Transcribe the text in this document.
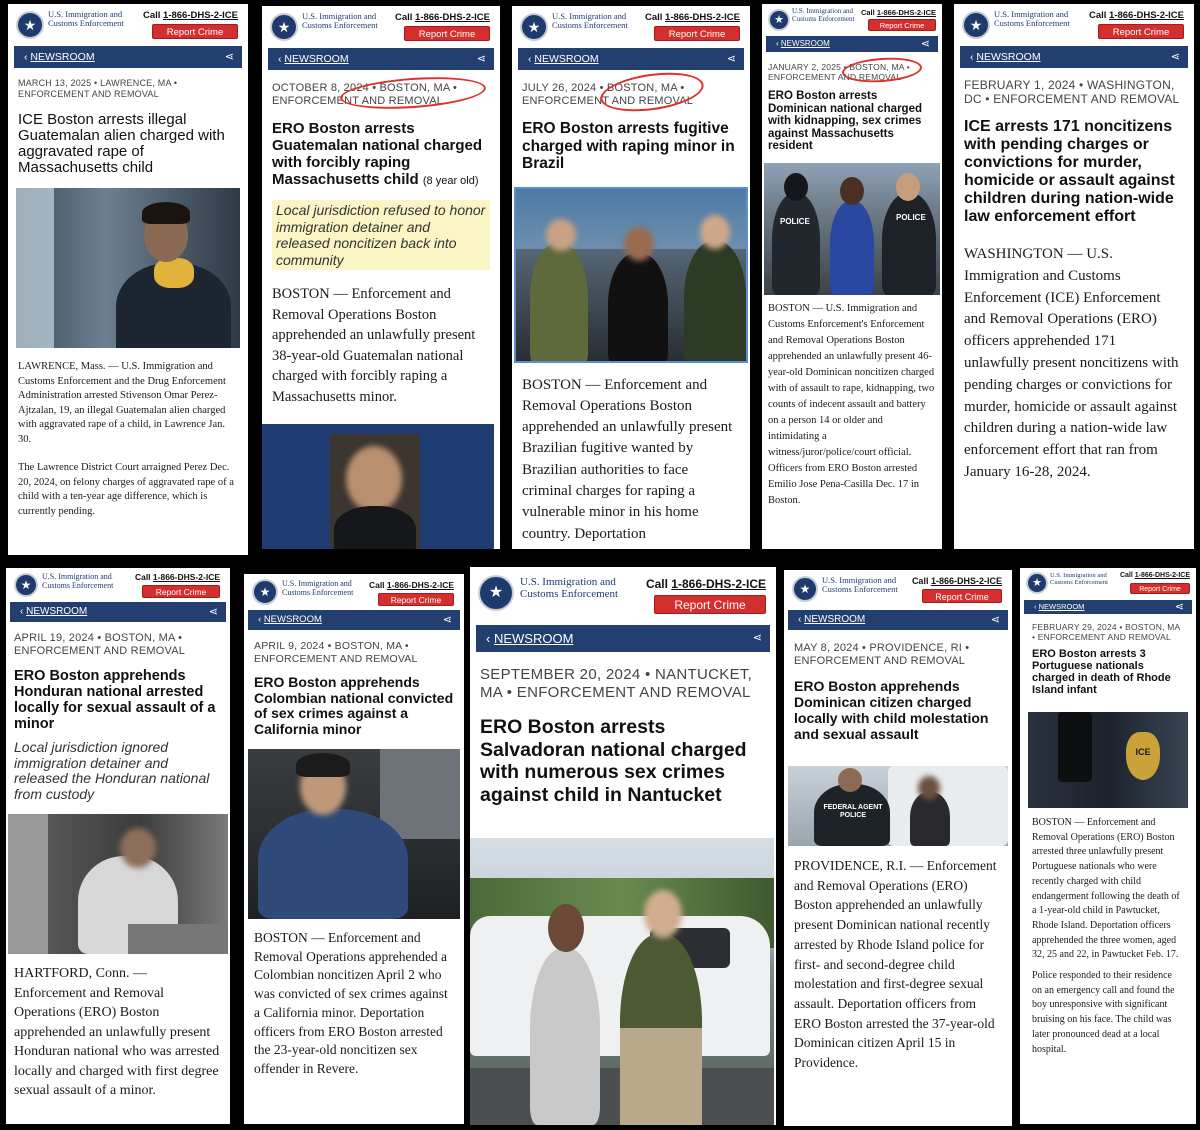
★
U.S. Immigration and Customs Enforcement
Call 1-866-DHS-2-ICE
Report Crime
‹ NEWSROOM	⋖
MARCH 13, 2025 • LAWRENCE, MA • ENFORCEMENT AND REMOVAL
ICE Boston arrests illegal Guatemalan alien charged with aggravated rape of Massachusetts child

LAWRENCE, Mass. — U.S. Immigration and Customs Enforcement and the Drug Enforcement Administration arrested Stivenson Omar Perez-Ajtzalan, 19, an illegal Guatemalan alien charged with aggravated rape of a child, in Lawrence Jan. 30.

The Lawrence District Court arraigned Perez Dec. 20, 2024, on felony charges of aggravated rape of a child with a ten-year age difference, which is currently pending.

★
U.S. Immigration and Customs Enforcement
Call 1-866-DHS-2-ICE
Report Crime
‹ NEWSROOM	⋖
OCTOBER 8, 2024 • BOSTON, MA • ENFORCEMENT AND REMOVAL
ERO Boston arrests Guatemalan national charged with forcibly raping Massachusetts child (8 year old)
Local jurisdiction refused to honor immigration detainer and released noncitizen back into community

BOSTON — Enforcement and Removal Operations Boston apprehended an unlawfully present 38-year-old Guatemalan national charged with forcibly raping a Massachusetts minor.

★
U.S. Immigration and Customs Enforcement
Call 1-866-DHS-2-ICE
Report Crime
‹ NEWSROOM	⋖
JULY 26, 2024 • BOSTON, MA • ENFORCEMENT AND REMOVAL
ERO Boston arrests fugitive charged with raping minor in Brazil

BOSTON — Enforcement and Removal Operations Boston apprehended an unlawfully present Brazilian fugitive wanted by Brazilian authorities to face criminal charges for raping a vulnerable minor in his home country. Deportation

★
U.S. Immigration and Customs Enforcement
Call 1-866-DHS-2-ICE
Report Crime
‹ NEWSROOM	⋖
JANUARY 2, 2025 • BOSTON, MA • ENFORCEMENT AND REMOVAL
ERO Boston arrests Dominican national charged with kidnapping, sex crimes against Massachusetts resident
POLICE	POLICE

BOSTON — U.S. Immigration and Customs Enforcement's Enforcement and Removal Operations Boston apprehended an unlawfully present 46-year-old Dominican noncitizen charged with of assault to rape, kidnapping, two counts of indecent assault and battery on a person 14 or older and intimidating a witness/juror/police/court official. Officers from ERO Boston arrested Emilio Jose Pena-Casilla Dec. 17 in Boston.

★
U.S. Immigration and Customs Enforcement
Call 1-866-DHS-2-ICE
Report Crime
‹ NEWSROOM	⋖
FEBRUARY 1, 2024 • WASHINGTON, DC • ENFORCEMENT AND REMOVAL
ICE arrests 171 noncitizens with pending charges or convictions for murder, homicide or assault against children during nation-wide law enforcement effort

WASHINGTON — U.S. Immigration and Customs Enforcement (ICE) Enforcement and Removal Operations (ERO) officers apprehended 171 unlawfully present noncitizens with pending charges or convictions for murder, homicide or assault against children during a nation-wide law enforcement effort that ran from January 16-28, 2024.

★
U.S. Immigration and Customs Enforcement
Call 1-866-DHS-2-ICE
Report Crime
‹ NEWSROOM	⋖
APRIL 19, 2024 • BOSTON, MA • ENFORCEMENT AND REMOVAL
ERO Boston apprehends Honduran national arrested locally for sexual assault of a minor
Local jurisdiction ignored immigration detainer and released the Honduran national from custody

HARTFORD, Conn. — Enforcement and Removal Operations (ERO) Boston apprehended an unlawfully present Honduran national who was arrested locally and charged with first degree sexual assault of a minor.

★
U.S. Immigration and Customs Enforcement
Call 1-866-DHS-2-ICE
Report Crime
‹ NEWSROOM	⋖
APRIL 9, 2024 • BOSTON, MA • ENFORCEMENT AND REMOVAL
ERO Boston apprehends Colombian national convicted of sex crimes against a California minor

BOSTON — Enforcement and Removal Operations apprehended a Colombian noncitizen April 2 who was convicted of sex crimes against a California minor. Deportation officers from ERO Boston arrested the 23-year-old noncitizen sex offender in Revere.

★
U.S. Immigration and Customs Enforcement
Call 1-866-DHS-2-ICE
Report Crime
‹ NEWSROOM	⋖
SEPTEMBER 20, 2024 • NANTUCKET, MA • ENFORCEMENT AND REMOVAL
ERO Boston arrests Salvadoran national charged with numerous sex crimes against child in Nantucket
★
U.S. Immigration and Customs Enforcement
Call 1-866-DHS-2-ICE
Report Crime
‹ NEWSROOM	⋖
MAY 8, 2024 • PROVIDENCE, RI • ENFORCEMENT AND REMOVAL
ERO Boston apprehends Dominican citizen charged locally with child molestation and sexual assault
FEDERAL AGENT
POLICE

PROVIDENCE, R.I. — Enforcement and Removal Operations (ERO) Boston apprehended an unlawfully present Dominican national recently arrested by Rhode Island police for first- and second-degree child molestation and first-degree sexual assault. Deportation officers from ERO Boston arrested the 37-year-old Dominican citizen April 15 in Providence.

★
U.S. Immigration and Customs Enforcement
Call 1-866-DHS-2-ICE
Report Crime
‹ NEWSROOM	⋖
FEBRUARY 29, 2024 • BOSTON, MA • ENFORCEMENT AND REMOVAL
ERO Boston arrests 3 Portuguese nationals charged in death of Rhode Island infant
ICE

BOSTON — Enforcement and Removal Operations (ERO) Boston arrested three unlawfully present Portuguese nationals who were recently charged with child endangerment following the death of a 1-year-old child in Pawtucket, Rhode Island. Deportation officers apprehended the three women, aged 32, 25 and 22, in Pawtucket Feb. 17.

Police responded to their residence on an emergency call and found the boy unresponsive with significant bruising on his face. The child was later pronounced dead at a local hospital.
